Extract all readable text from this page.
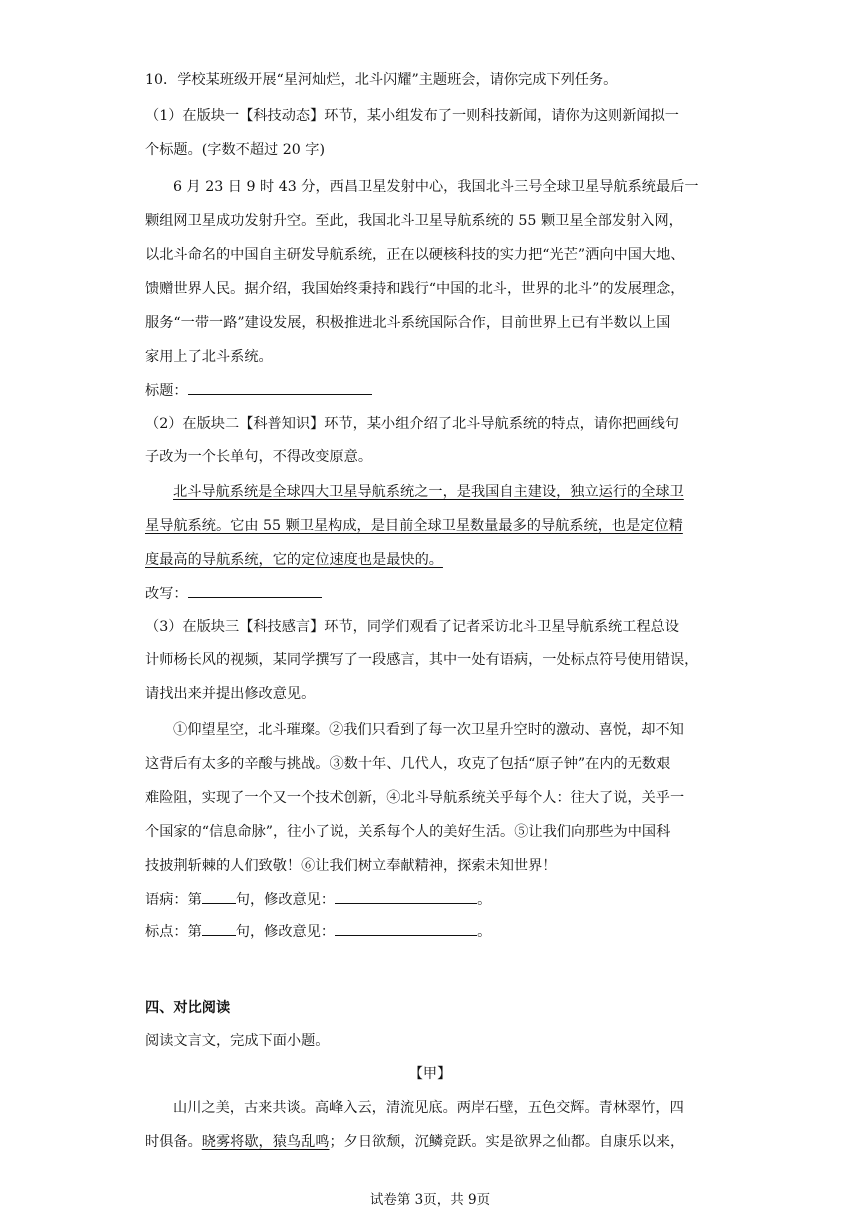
10．学校某班级开展“星河灿烂，北斗闪耀”主题班会，请你完成下列任务。
（1）在版块一【科技动态】环节，某小组发布了一则科技新闻，请你为这则新闻拟一
个标题。(字数不超过 20 字)
6 月 23 日 9 时 43 分，西昌卫星发射中心，我国北斗三号全球卫星导航系统最后一
颗组网卫星成功发射升空。至此，我国北斗卫星导航系统的 55 颗卫星全部发射入网，
以北斗命名的中国自主研发导航系统，正在以硬核科技的实力把“光芒”洒向中国大地、
馈赠世界人民。据介绍，我国始终秉持和践行“中国的北斗，世界的北斗”的发展理念，
服务“一带一路”建设发展，积极推进北斗系统国际合作，目前世界上已有半数以上国
家用上了北斗系统。
标题：
（2）在版块二【科普知识】环节，某小组介绍了北斗导航系统的特点，请你把画线句
子改为一个长单句，不得改变原意。
北斗导航系统是全球四大卫星导航系统之一，是我国自主建设，独立运行的全球卫
星导航系统。它由 55 颗卫星构成，是目前全球卫星数量最多的导航系统，也是定位精
度最高的导航系统，它的定位速度也是最快的。
改写：
（3）在版块三【科技感言】环节，同学们观看了记者采访北斗卫星导航系统工程总设
计师杨长风的视频，某同学撰写了一段感言，其中一处有语病，一处标点符号使用错误，
请找出来并提出修改意见。
①仰望星空，北斗璀璨。②我们只看到了每一次卫星升空时的激动、喜悦，却不知
这背后有太多的辛酸与挑战。③数十年、几代人，攻克了包括“原子钟”在内的无数艰
难险阻，实现了一个又一个技术创新，④北斗导航系统关乎每个人：往大了说，关乎一
个国家的“信息命脉”，往小了说，关系每个人的美好生活。⑤让我们向那些为中国科
技披荆斩棘的人们致敬！⑥让我们树立奉献精神，探索未知世界！
语病：第 句，修改意见：	。
标点：第 句，修改意见：	。
四、对比阅读
阅读文言文，完成下面小题。
【甲】
山川之美，古来共谈。高峰入云，清流见底。两岸石壁，五色交辉。青林翠竹，四
时俱备。晓雾将歇，猿鸟乱鸣；夕日欲颓，沉鳞竞跃。实是欲界之仙都。自康乐以来，
试卷第 3页，共 9页
